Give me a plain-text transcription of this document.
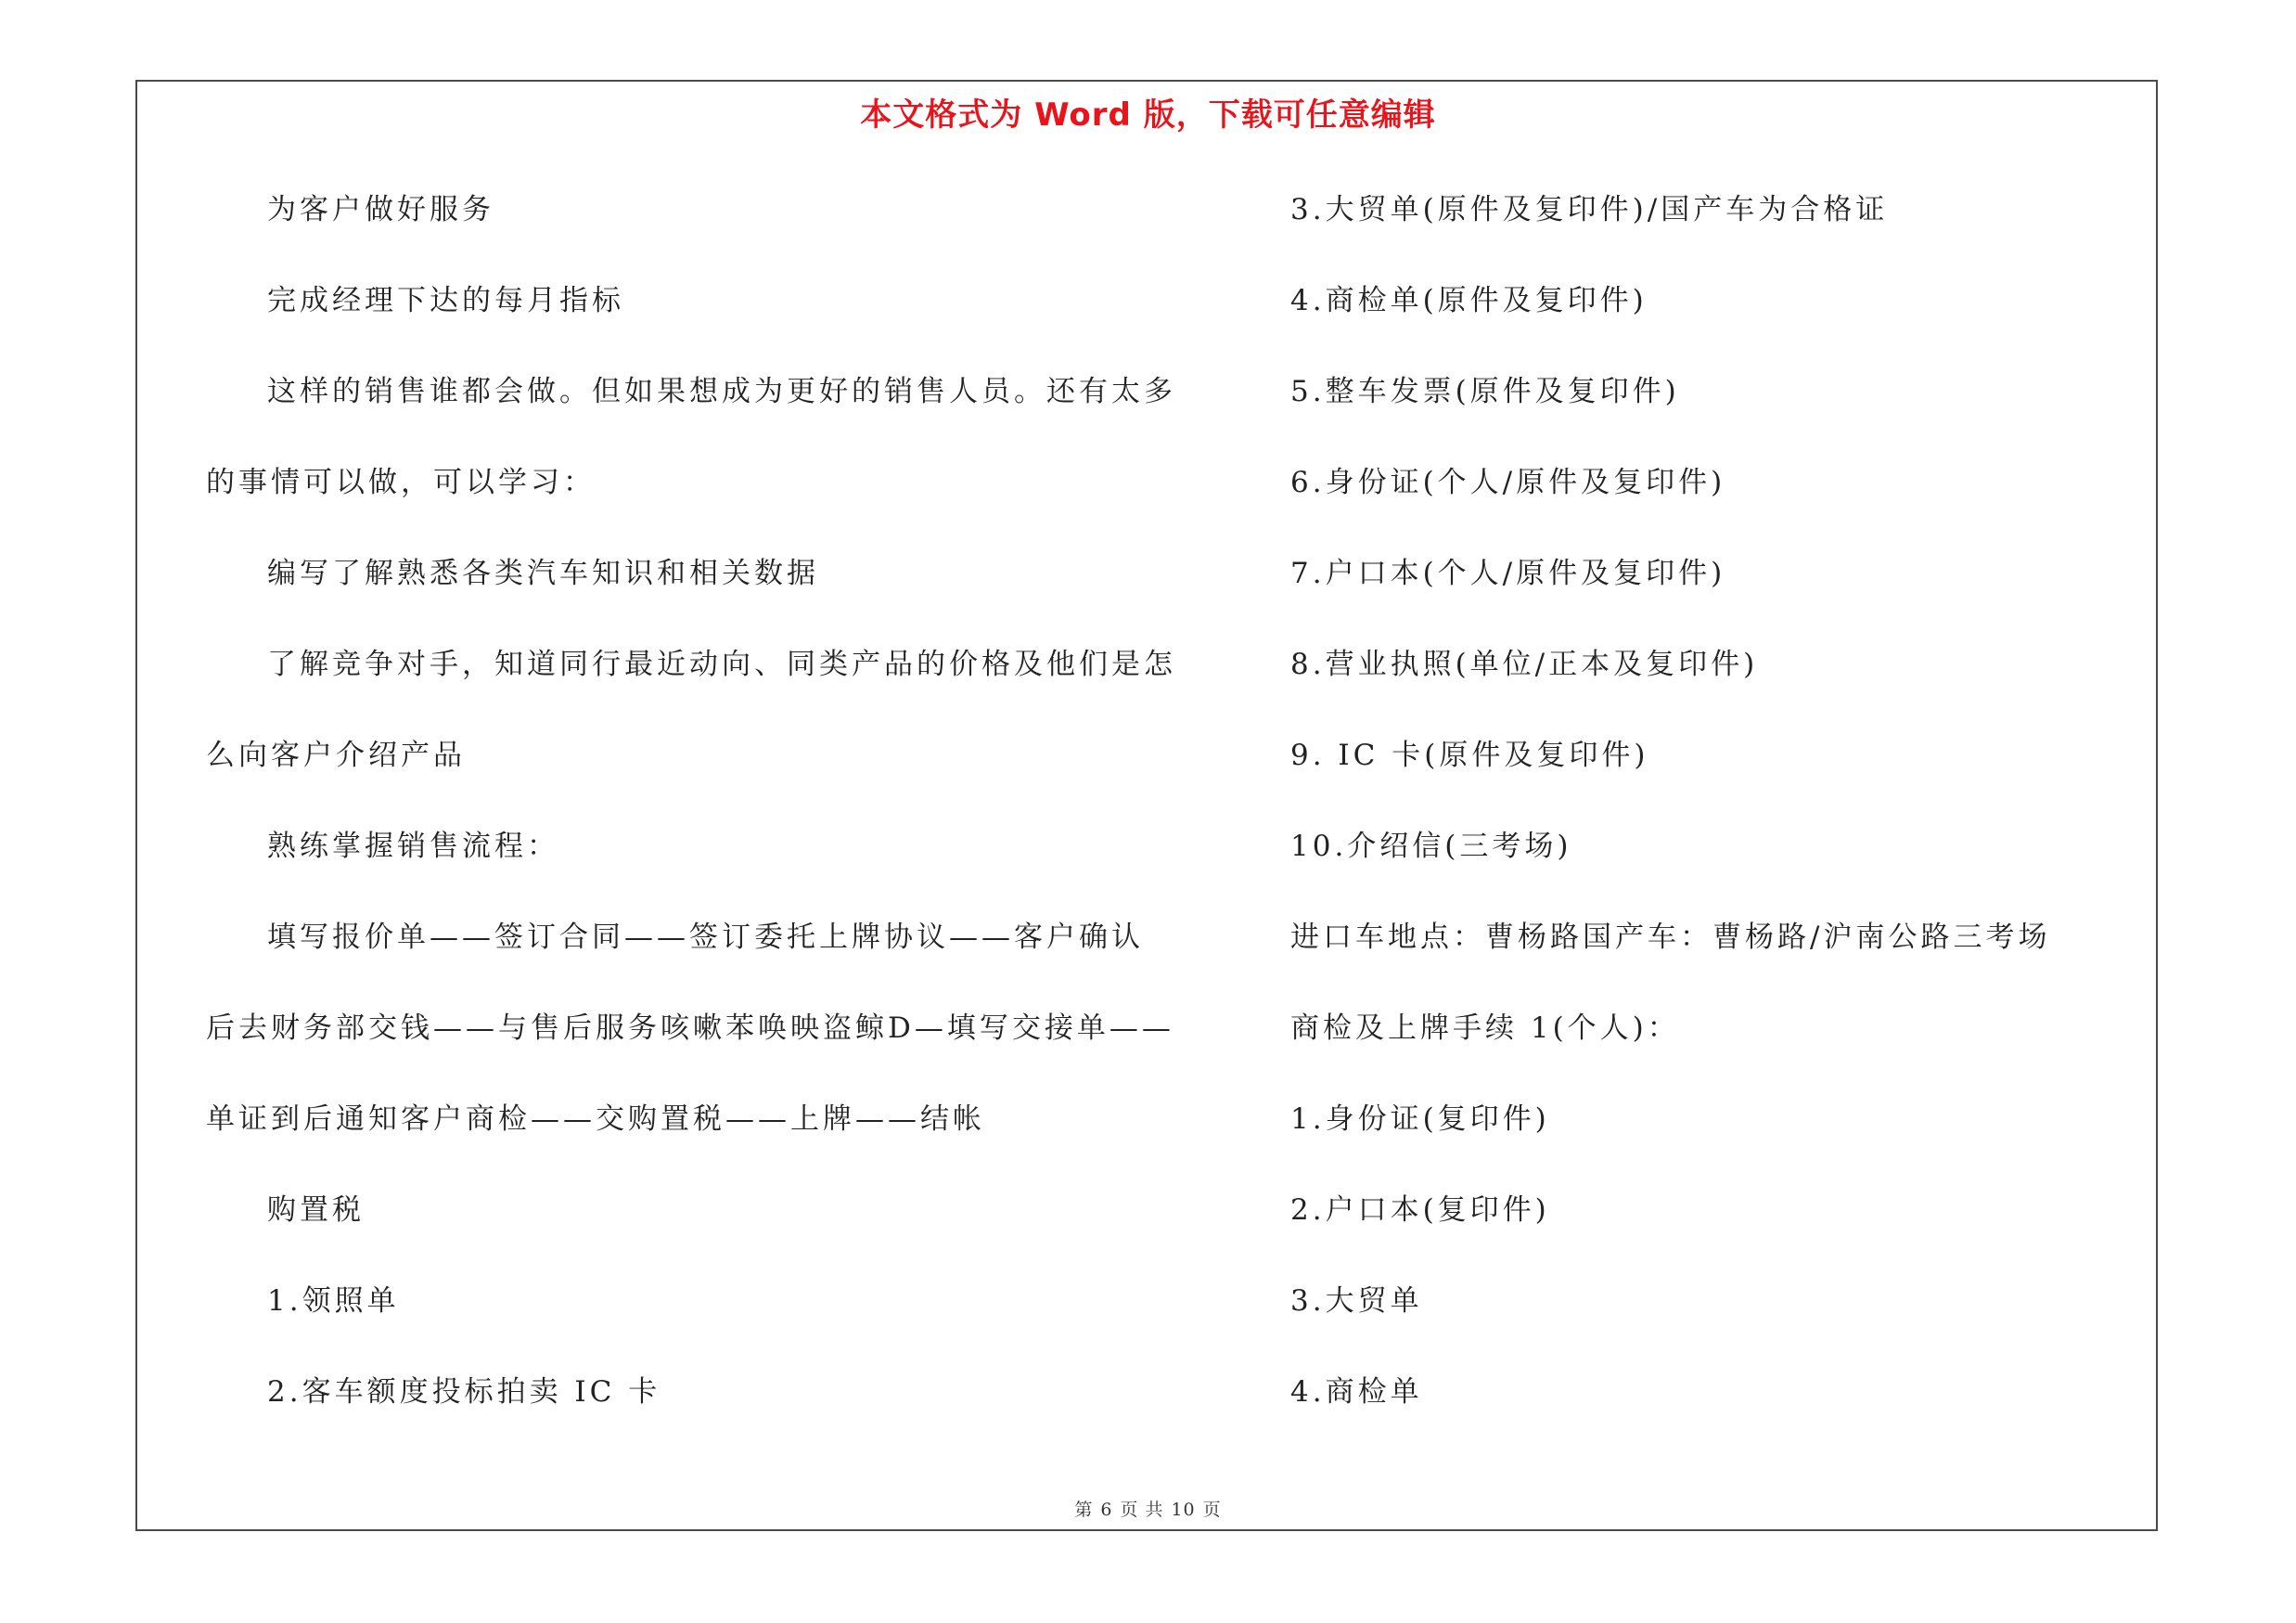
本文格式为 Word 版，下载可任意编辑
为客户做好服务
完成经理下达的每月指标
这样的销售谁都会做。但如果想成为更好的销售人员。还有太多
的事情可以做，可以学习：
编写了解熟悉各类汽车知识和相关数据
了解竞争对手，知道同行最近动向、同类产品的价格及他们是怎
么向客户介绍产品
熟练掌握销售流程：
填写报价单——签订合同——签订委托上牌协议——客户确认
后去财务部交钱——与售后服务咳嗽苯唤映盗鲸D—填写交接单——
单证到后通知客户商检——交购置税——上牌——结帐
购置税
1.领照单
2.客车额度投标拍卖 IC 卡
3.大贸单(原件及复印件)/国产车为合格证
4.商检单(原件及复印件)
5.整车发票(原件及复印件)
6.身份证(个人/原件及复印件)
7.户口本(个人/原件及复印件)
8.营业执照(单位/正本及复印件)
9. IC 卡(原件及复印件)
10.介绍信(三考场)
进口车地点：曹杨路国产车：曹杨路/沪南公路三考场
商检及上牌手续 1(个人)：
1.身份证(复印件)
2.户口本(复印件)
3.大贸单
4.商检单
第 6 页 共 10 页
